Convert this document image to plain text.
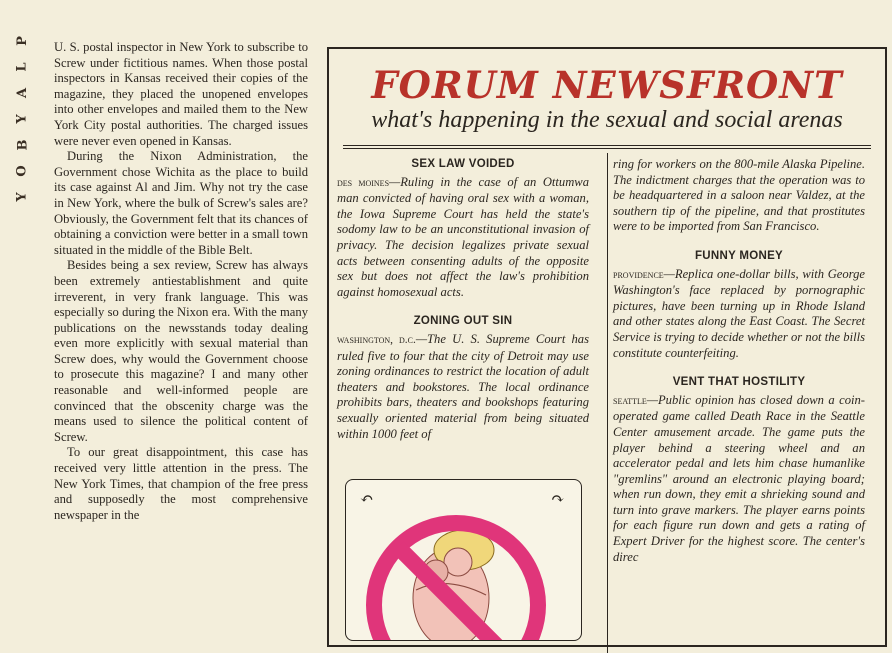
P
L
A
Y
B
O
Y

U. S. postal inspector in New York to subscribe to Screw under fictitious names. When those postal inspectors in Kansas received their copies of the magazine, they placed the unopened envelopes into other envelopes and mailed them to the New York City postal authorities. The charged issues were never even opened in Kansas.

During the Nixon Administration, the Government chose Wichita as the place to build its case against Al and Jim. Why not try the case in New York, where the bulk of Screw's sales are? Obviously, the Government felt that its chances of obtaining a conviction were better in a small town situated in the middle of the Bible Belt.

Besides being a sex review, Screw has always been extremely antiestablishment and quite irreverent, in very frank language. This was especially so during the Nixon era. With the many publications on the newsstands today dealing even more explicitly with sexual material than Screw does, why would the Government choose to prosecute this magazine? I and many other reasonable and well-informed people are convinced that the obscenity charge was the means used to silence the political content of Screw.

To our great disappointment, this case has received very little attention in the press. The New York Times, that champion of the free press and supposedly the most comprehensive newspaper in the

FORUM NEWSFRONT
what's happening in the sexual and social arenas
SEX LAW VOIDED
des moines—Ruling in the case of an Ottumwa man convicted of having oral sex with a woman, the Iowa Supreme Court has held the state's sodomy law to be an unconstitutional invasion of privacy. The decision legalizes private sexual acts between consenting adults of the opposite sex but does not affect the law's prohibition against homosexual acts.
ZONING OUT SIN
washington, d.c.—The U. S. Supreme Court has ruled five to four that the city of Detroit may use zoning ordinances to restrict the location of adult theaters and bookstores. The local ordinance prohibits bars, theaters and bookshops featuring sexually oriented material from being situated within 1000 feet of
↶	↷
ring for workers on the 800-mile Alaska Pipeline. The indictment charges that the operation was to be headquartered in a saloon near Valdez, at the southern tip of the pipeline, and that prostitutes were to be imported from San Francisco.
FUNNY MONEY
providence—Replica one-dollar bills, with George Washington's face replaced by pornographic pictures, have been turning up in Rhode Island and other states along the East Coast. The Secret Service is trying to decide whether or not the bills constitute counterfeiting.
VENT THAT HOSTILITY
seattle—Public opinion has closed down a coin-operated game called Death Race in the Seattle Center amusement arcade. The game puts the player behind a steering wheel and an accelerator pedal and lets him chase humanlike "gremlins" around an electronic playing board; when run down, they emit a shrieking sound and turn into grave markers. The player earns points for each figure run down and gets a rating of Expert Driver for the highest score. The center's direc
